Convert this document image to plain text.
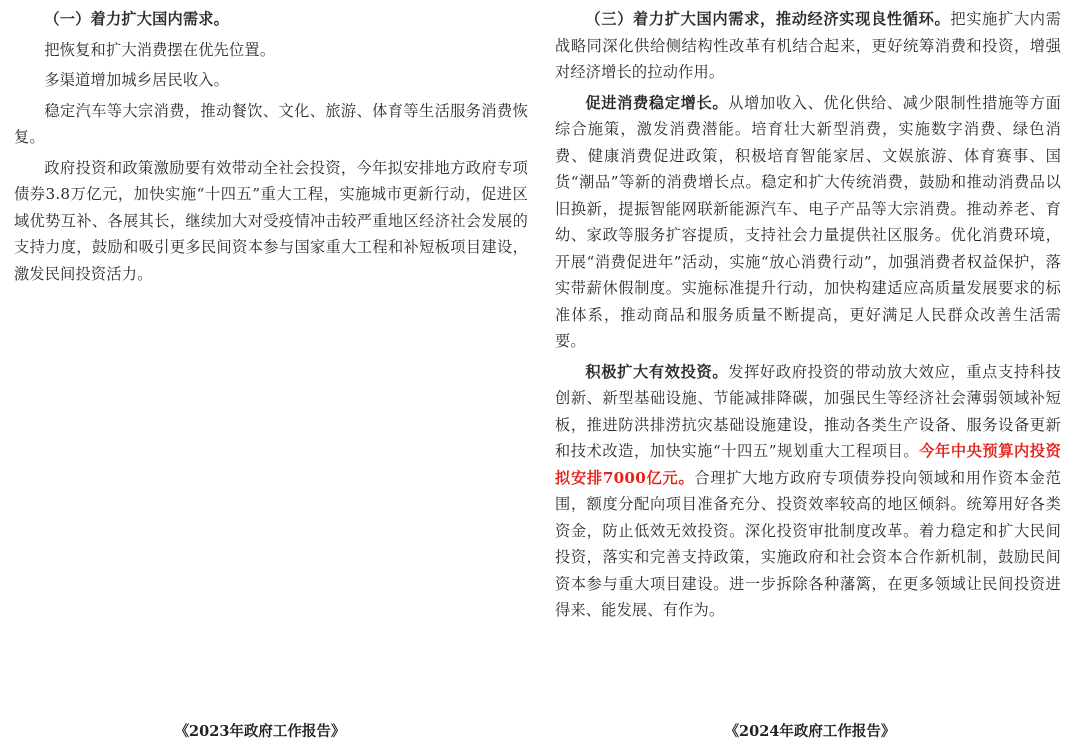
（一）着力扩大国内需求。

把恢复和扩大消费摆在优先位置。

多渠道增加城乡居民收入。

稳定汽车等大宗消费，推动餐饮、文化、旅游、体育等生活服务消费恢复。

政府投资和政策激励要有效带动全社会投资，今年拟安排地方政府专项债券3.8万亿元，加快实施“十四五”重大工程，实施城市更新行动，促进区域优势互补、各展其长，继续加大对受疫情冲击较严重地区经济社会发展的支持力度，鼓励和吸引更多民间资本参与国家重大工程和补短板项目建设，激发民间投资活力。

（三）着力扩大国内需求，推动经济实现良性循环。把实施扩大内需战略同深化供给侧结构性改革有机结合起来，更好统筹消费和投资，增强对经济增长的拉动作用。

促进消费稳定增长。从增加收入、优化供给、减少限制性措施等方面综合施策，激发消费潜能。培育壮大新型消费，实施数字消费、绿色消费、健康消费促进政策，积极培育智能家居、文娱旅游、体育赛事、国货“潮品”等新的消费增长点。稳定和扩大传统消费，鼓励和推动消费品以旧换新，提振智能网联新能源汽车、电子产品等大宗消费。推动养老、育幼、家政等服务扩容提质，支持社会力量提供社区服务。优化消费环境，开展“消费促进年”活动，实施“放心消费行动”，加强消费者权益保护，落实带薪休假制度。实施标准提升行动，加快构建适应高质量发展要求的标准体系，推动商品和服务质量不断提高，更好满足人民群众改善生活需要。

积极扩大有效投资。发挥好政府投资的带动放大效应，重点支持科技创新、新型基础设施、节能减排降碳，加强民生等经济社会薄弱领域补短板，推进防洪排涝抗灾基础设施建设，推动各类生产设备、服务设备更新和技术改造，加快实施“十四五”规划重大工程项目。今年中央预算内投资拟安排7000亿元。合理扩大地方政府专项债券投向领域和用作资本金范围，额度分配向项目准备充分、投资效率较高的地区倾斜。统筹用好各类资金，防止低效无效投资。深化投资审批制度改革。着力稳定和扩大民间投资，落实和完善支持政策，实施政府和社会资本合作新机制，鼓励民间资本参与重大项目建设。进一步拆除各种藩篱，在更多领域让民间投资进得来、能发展、有作为。

《2023年政府工作报告》	《2024年政府工作报告》
